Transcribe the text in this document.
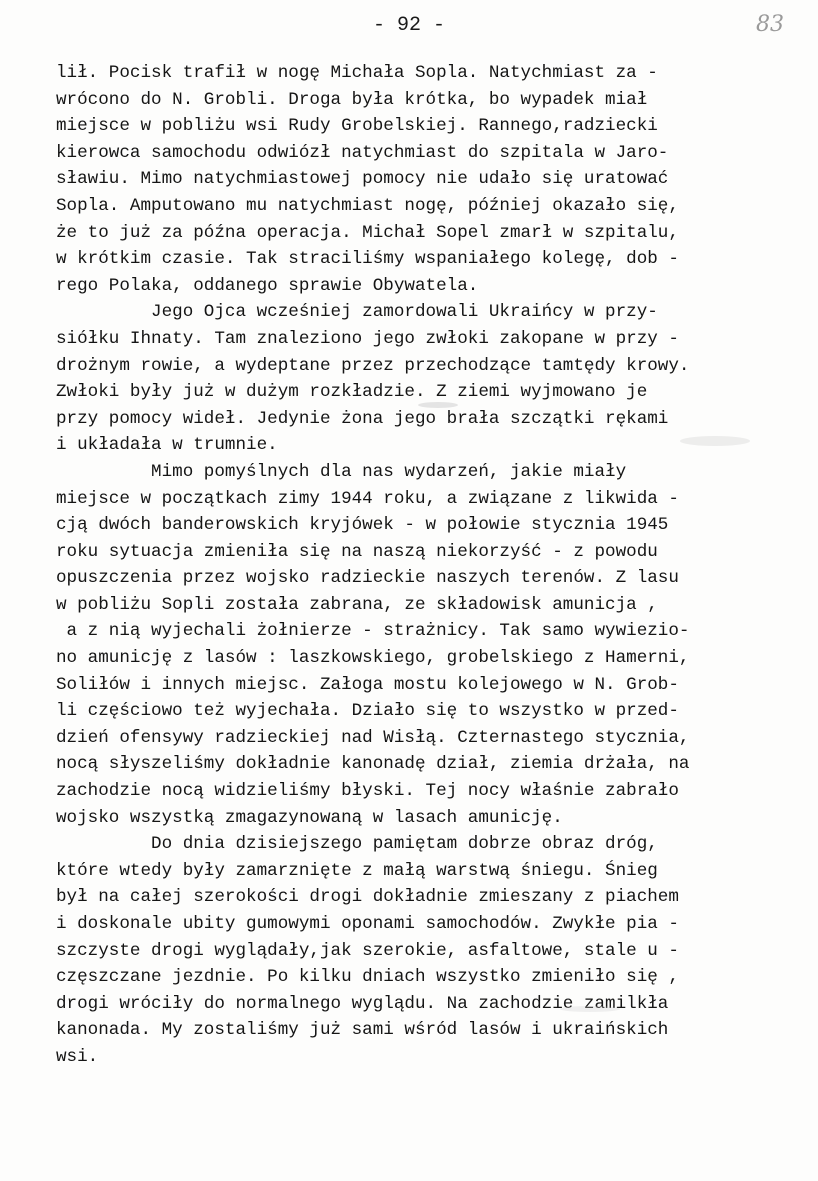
- 92 -	83
lił. Pocisk trafił w nogę Michała Sopla. Natychmiast za -
wrócono do N. Grobli. Droga była krótka, bo wypadek miał
miejsce w pobliżu wsi Rudy Grobelskiej. Rannego,radziecki
kierowca samochodu odwiózł natychmiast do szpitala w Jaro-
sławiu. Mimo natychmiastowej pomocy nie udało się uratować
Sopla. Amputowano mu natychmiast nogę, później okazało się,
że to już za późna operacja. Michał Sopel zmarł w szpitalu,
w krótkim czasie. Tak straciliśmy wspaniałego kolegę, dob -
rego Polaka, oddanego sprawie Obywatela.
Jego Ojca wcześniej zamordowali Ukraińcy w przy-
siółku Ihnaty. Tam znaleziono jego zwłoki zakopane w przy -
drożnym rowie, a wydeptane przez przechodzące tamtędy krowy.
Zwłoki były już w dużym rozkładzie. Z ziemi wyjmowano je
przy pomocy wideł. Jedynie żona jego brała szczątki rękami
i układała w trumnie.
Mimo pomyślnych dla nas wydarzeń, jakie miały
miejsce w początkach zimy 1944 roku, a związane z likwida -
cją dwóch banderowskich kryjówek - w połowie stycznia 1945
roku sytuacja zmieniła się na naszą niekorzyść - z powodu
opuszczenia przez wojsko radzieckie naszych terenów. Z lasu
w pobliżu Sopli została zabrana, ze składowisk amunicja ,
a z nią wyjechali żołnierze - strażnicy. Tak samo wywiezio-
no amunicję z lasów : laszkowskiego, grobelskiego z Hamerni,
Soliłów i innych miejsc. Załoga mostu kolejowego w N. Grob-
li częściowo też wyjechała. Działo się to wszystko w przed-
dzień ofensywy radzieckiej nad Wisłą. Czternastego stycznia,
nocą słyszeliśmy dokładnie kanonadę dział, ziemia drżała, na
zachodzie nocą widzieliśmy błyski. Tej nocy właśnie zabrało
wojsko wszystką zmagazynowaną w lasach amunicję.
Do dnia dzisiejszego pamiętam dobrze obraz dróg,
które wtedy były zamarznięte z małą warstwą śniegu. Śnieg
był na całej szerokości drogi dokładnie zmieszany z piachem
i doskonale ubity gumowymi oponami samochodów. Zwykłe pia -
szczyste drogi wyglądały,jak szerokie, asfaltowe, stale u -
częszczane jezdnie. Po kilku dniach wszystko zmieniło się ,
drogi wróciły do normalnego wyglądu. Na zachodzie zamilkła
kanonada. My zostaliśmy już sami wśród lasów i ukraińskich
wsi.
